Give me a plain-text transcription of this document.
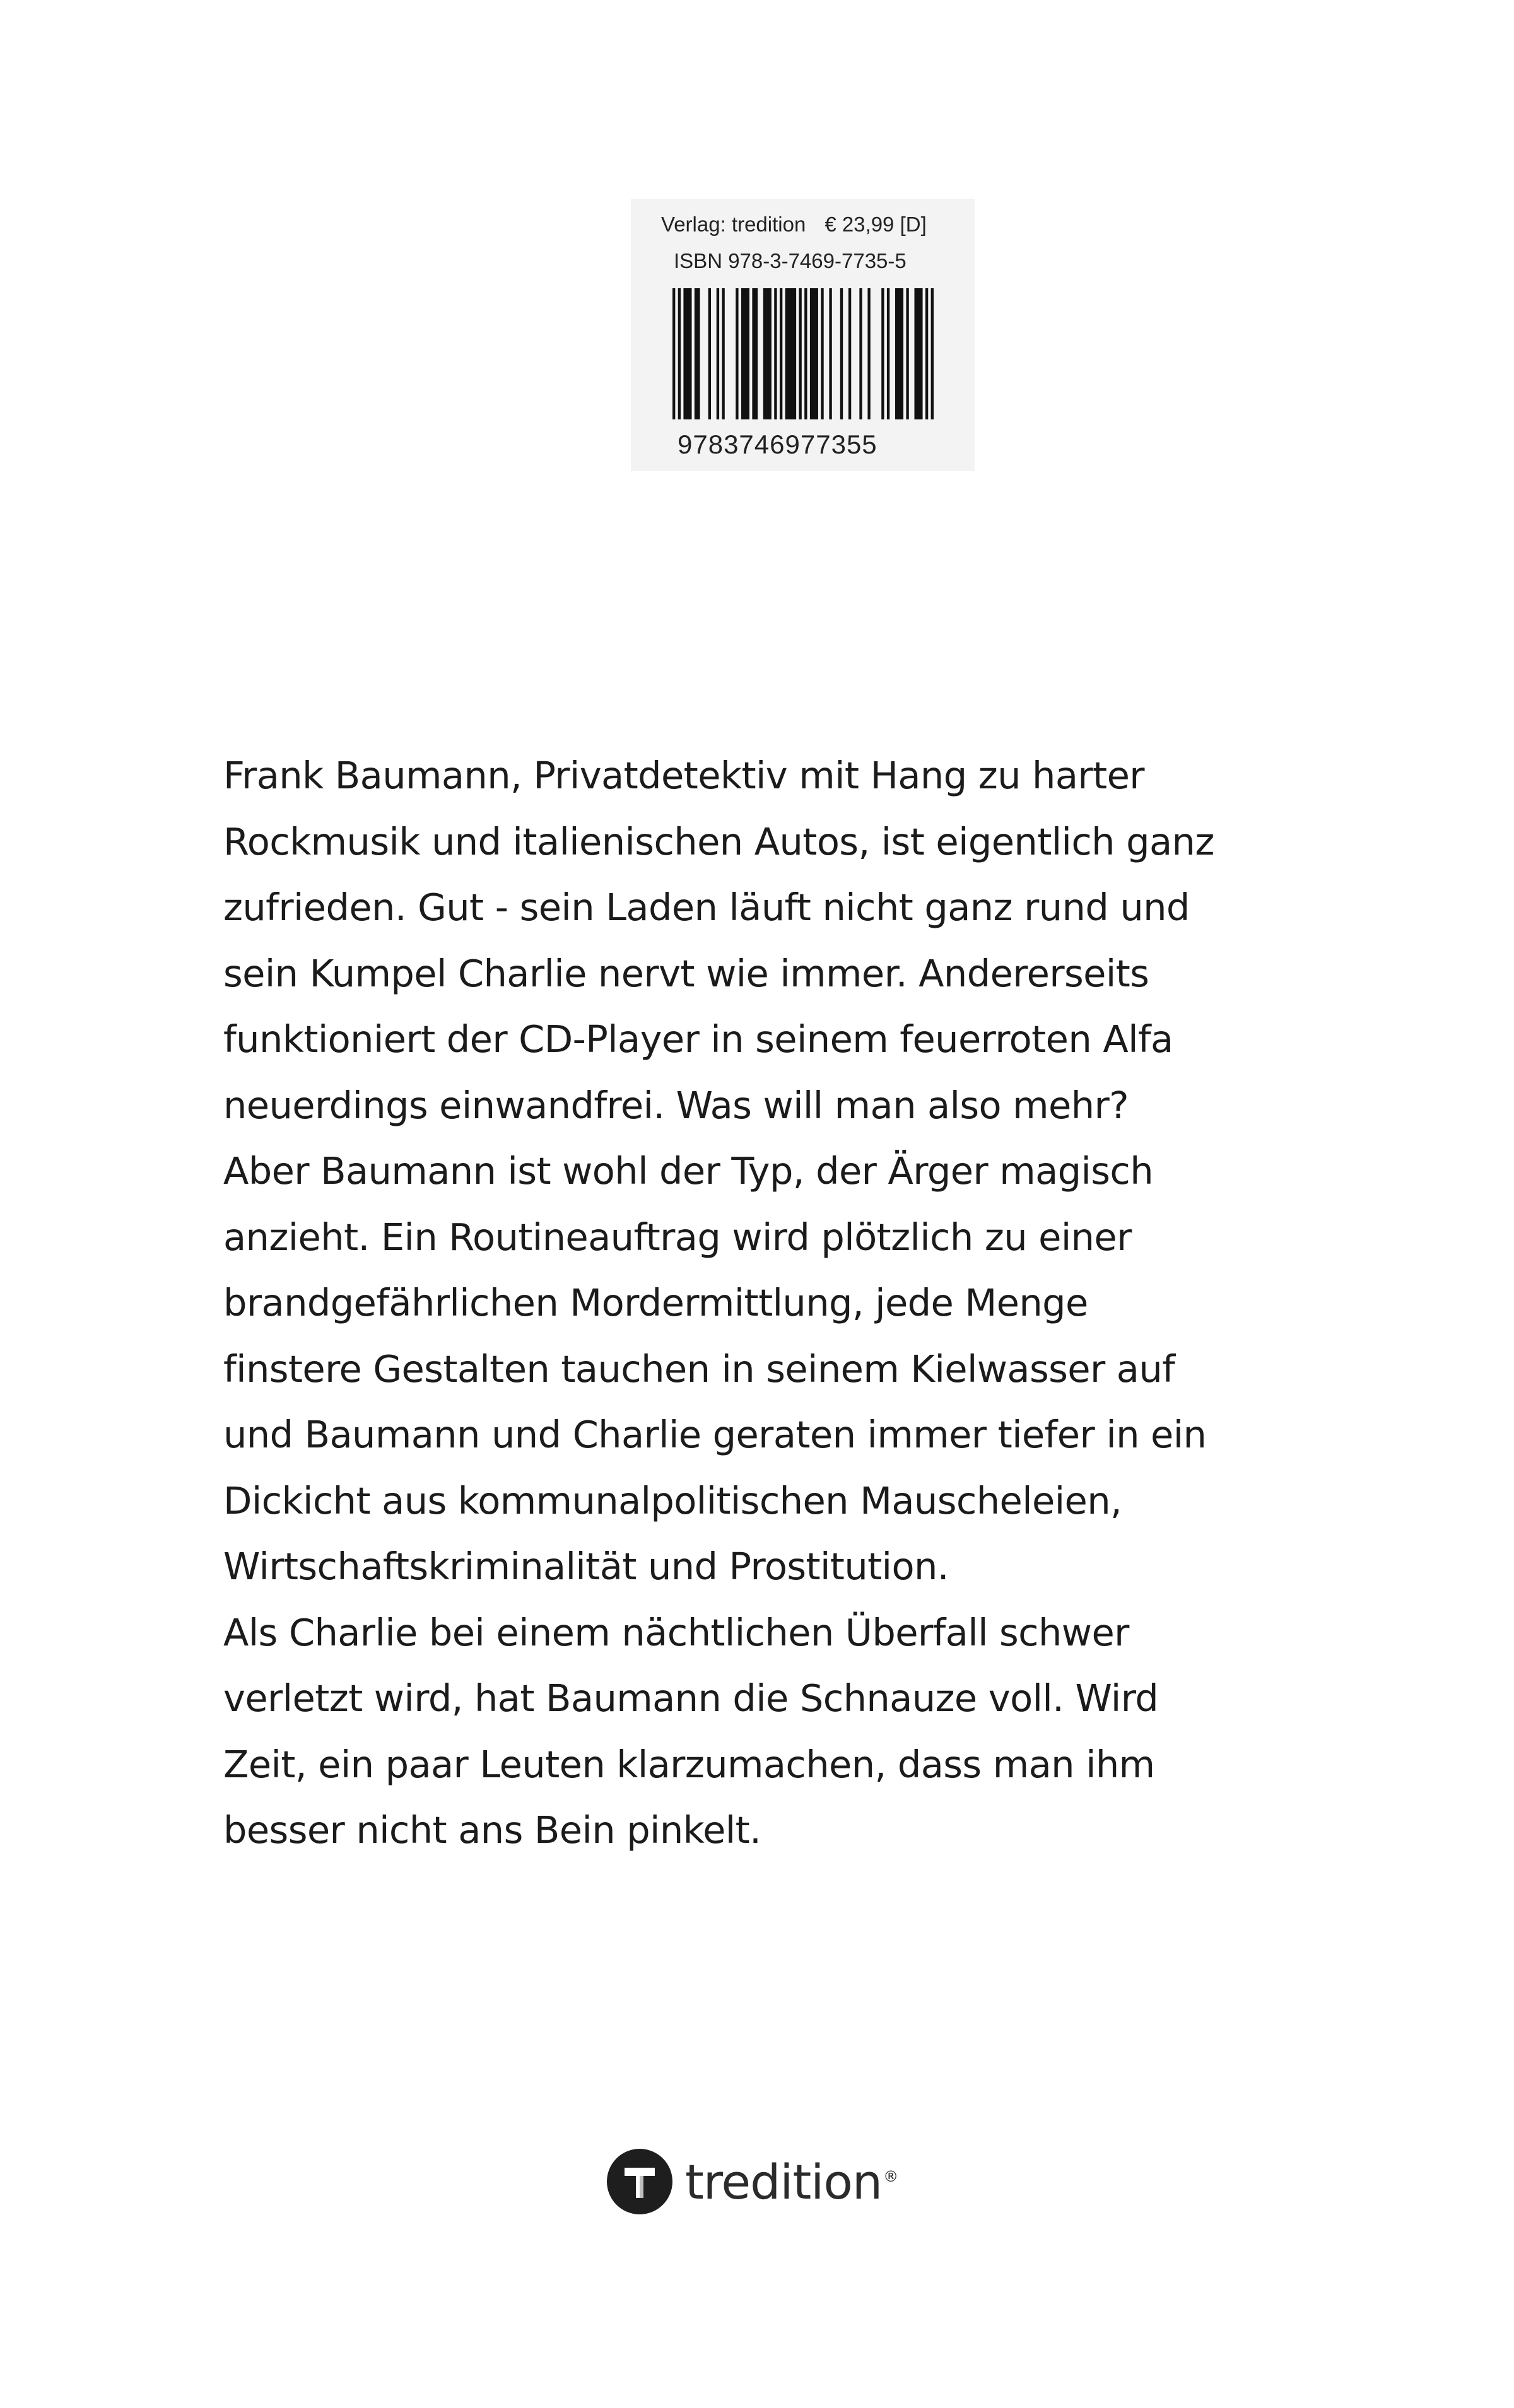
Verlag: tredition € 23,99 [D]
ISBN 978-3-7469-7735-5
9783746977355
Frank Baumann, Privatdetektiv mit Hang zu harter
Rockmusik und italienischen Autos, ist eigentlich ganz
zufrieden. Gut - sein Laden läuft nicht ganz rund und
sein Kumpel Charlie nervt wie immer. Andererseits
funktioniert der CD-Player in seinem feuerroten Alfa
neuerdings einwandfrei. Was will man also mehr?
Aber Baumann ist wohl der Typ, der Ärger magisch
anzieht. Ein Routineauftrag wird plötzlich zu einer
brandgefährlichen Mordermittlung, jede Menge
finstere Gestalten tauchen in seinem Kielwasser auf
und Baumann und Charlie geraten immer tiefer in ein
Dickicht aus kommunalpolitischen Mauscheleien,
Wirtschaftskriminalität und Prostitution.
Als Charlie bei einem nächtlichen Überfall schwer
verletzt wird, hat Baumann die Schnauze voll. Wird
Zeit, ein paar Leuten klarzumachen, dass man ihm
besser nicht ans Bein pinkelt.
tredition®
